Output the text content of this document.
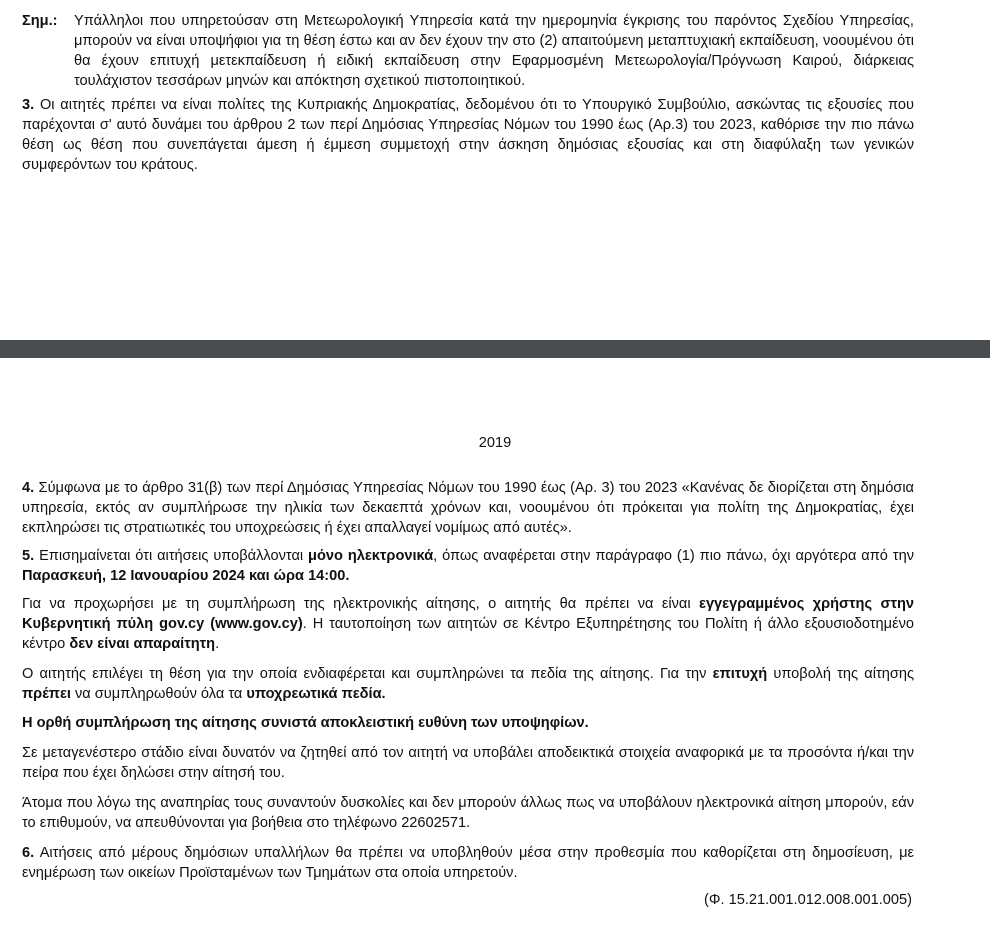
Σημ.:	Υπάλληλοι που υπηρετούσαν στη Μετεωρολογική Υπηρεσία κατά την ημερομηνία έγκρισης του παρόντος Σχεδίου Υπηρεσίας, μπορούν να είναι υποψήφιοι για τη θέση έστω και αν δεν έχουν την στο (2) απαιτούμενη μεταπτυχιακή εκπαίδευση, νοουμένου ότι θα έχουν επιτυχή μετεκπαίδευση ή ειδική εκπαίδευση στην Εφαρμοσμένη Μετεωρολογία/Πρόγνωση Καιρού, διάρκειας τουλάχιστον τεσσάρων μηνών και απόκτηση σχετικού πιστοποιητικού.
3. Οι αιτητές πρέπει να είναι πολίτες της Κυπριακής Δημοκρατίας, δεδομένου ότι το Υπουργικό Συμβούλιο, ασκώντας τις εξουσίες που παρέχονται σ' αυτό δυνάμει του άρθρου 2 των περί Δημόσιας Υπηρεσίας Νόμων του 1990 έως (Αρ.3) του 2023, καθόρισε την πιο πάνω θέση ως θέση που συνεπάγεται άμεση ή έμμεση συμμετοχή στην άσκηση δημόσιας εξουσίας και στη διαφύλαξη των γενικών συμφερόντων του κράτους.
2019
4. Σύμφωνα με το άρθρο 31(β) των περί Δημόσιας Υπηρεσίας Νόμων του 1990 έως (Αρ. 3) του 2023 «Κανένας δε διορίζεται στη δημόσια υπηρεσία, εκτός αν συμπλήρωσε την ηλικία των δεκαεπτά χρόνων και, νοουμένου ότι πρόκειται για πολίτη της Δημοκρατίας, έχει εκπληρώσει τις στρατιωτικές του υποχρεώσεις ή έχει απαλλαγεί νομίμως από αυτές».
5. Επισημαίνεται ότι αιτήσεις υποβάλλονται μόνο ηλεκτρονικά, όπως αναφέρεται στην παράγραφο (1) πιο πάνω, όχι αργότερα από την Παρασκευή, 12 Ιανουαρίου 2024 και ώρα 14:00.
Για να προχωρήσει με τη συμπλήρωση της ηλεκτρονικής αίτησης, ο αιτητής θα πρέπει να είναι εγγεγραμμένος χρήστης στην Κυβερνητική πύλη gov.cy (www.gov.cy). Η ταυτοποίηση των αιτητών σε Κέντρο Εξυπηρέτησης του Πολίτη ή άλλο εξουσιοδοτημένο κέντρο δεν είναι απαραίτητη.
Ο αιτητής επιλέγει τη θέση για την οποία ενδιαφέρεται και συμπληρώνει τα πεδία της αίτησης. Για την επιτυχή υποβολή της αίτησης πρέπει να συμπληρωθούν όλα τα υποχρεωτικά πεδία.
Η ορθή συμπλήρωση της αίτησης συνιστά αποκλειστική ευθύνη των υποψηφίων.
Σε μεταγενέστερο στάδιο είναι δυνατόν να ζητηθεί από τον αιτητή να υποβάλει αποδεικτικά στοιχεία αναφορικά με τα προσόντα ή/και την πείρα που έχει δηλώσει στην αίτησή του.
Άτομα που λόγω της αναπηρίας τους συναντούν δυσκολίες και δεν μπορούν άλλως πως να υποβάλουν ηλεκτρονικά αίτηση μπορούν, εάν το επιθυμούν, να απευθύνονται για βοήθεια στο τηλέφωνο 22602571.
6. Αιτήσεις από μέρους δημόσιων υπαλλήλων θα πρέπει να υποβληθούν μέσα στην προθεσμία που καθορίζεται στη δημοσίευση, με ενημέρωση των οικείων Προϊσταμένων των Τμημάτων στα οποία υπηρετούν.
(Φ. 15.21.001.012.008.001.005)
